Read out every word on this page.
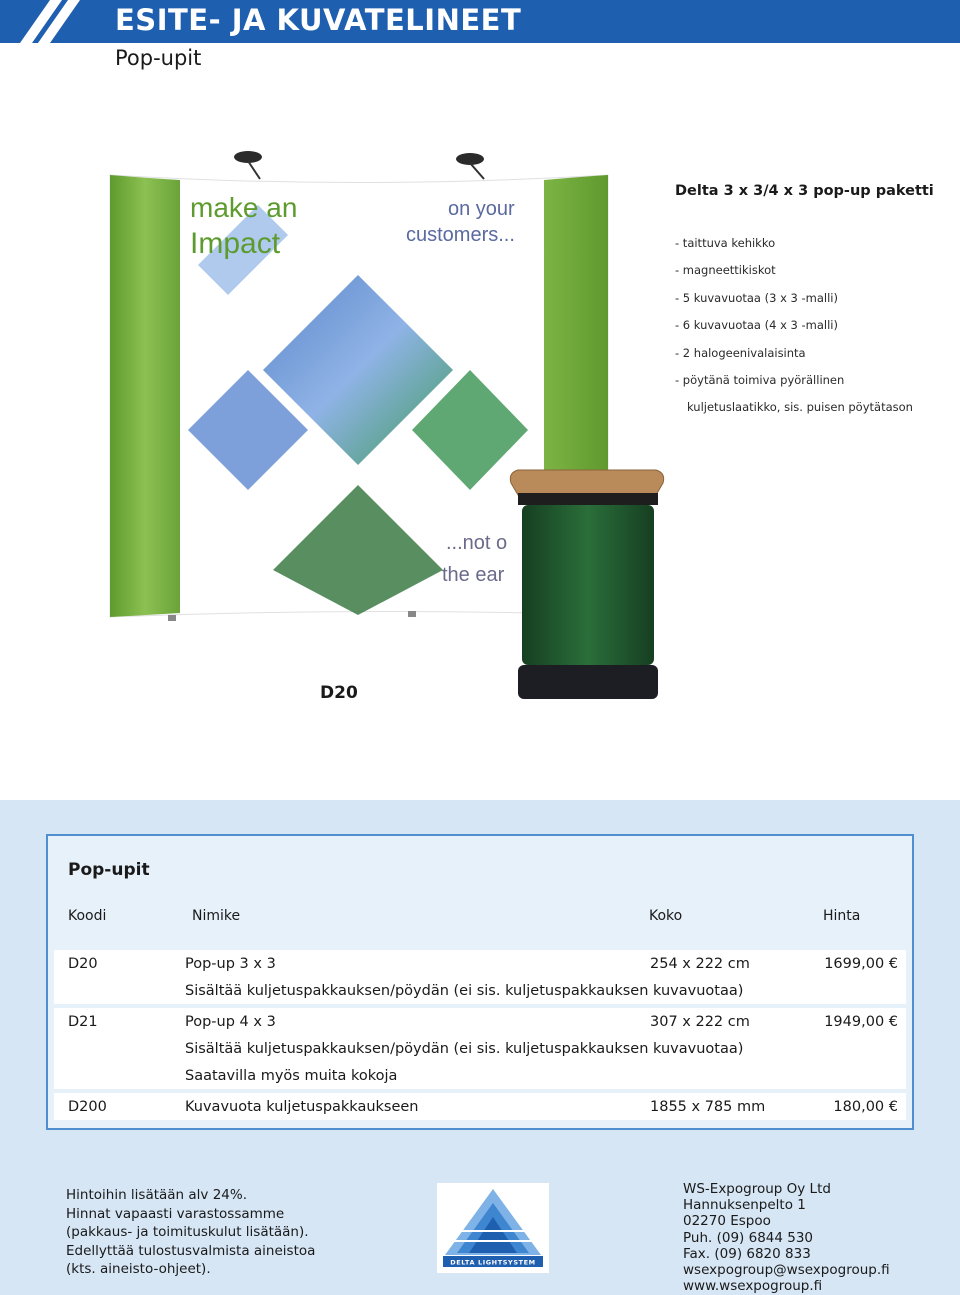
ESITE- JA KUVATELINEET
Pop-upit
make an
Impact
on your
customers...
...not o
the ear
D20
Delta 3 x 3/4 x 3 pop-up paketti
- taittuva kehikko
- magneettikiskot
- 5 kuvavuotaa (3 x 3 -malli)
- 6 kuvavuotaa (4 x 3 -malli)
- 2 halogeenivalaisinta
- pöytänä toimiva pyörällinen
kuljetuslaatikko, sis. puisen pöytätason
Pop-upit
Koodi	Nimike	Koko	Hinta
D20	Pop-up 3 x 3	254 x 222 cm	1699,00 €
Sisältää kuljetuspakkauksen/pöydän (ei sis. kuljetuspakkauksen kuvavuotaa)
D21	Pop-up 4 x 3	307 x 222 cm	1949,00 €
Sisältää kuljetuspakkauksen/pöydän (ei sis. kuljetuspakkauksen kuvavuotaa)
Saatavilla myös muita kokoja
D200	Kuvavuota kuljetuspakkaukseen	1855 x 785 mm	180,00 €
Hintoihin lisätään alv 24%.
Hinnat vapaasti varastossamme
(pakkaus- ja toimituskulut lisätään).
Edellyttää tulostusvalmista aineistoa
(kts. aineisto-ohjeet).	DELTA LIGHTSYSTEM
WS-Expogroup Oy Ltd
Hannuksenpelto 1
02270 Espoo
Puh. (09) 6844 530
Fax. (09) 6820 833
wsexpogroup@wsexpogroup.fi
www.wsexpogroup.fi
